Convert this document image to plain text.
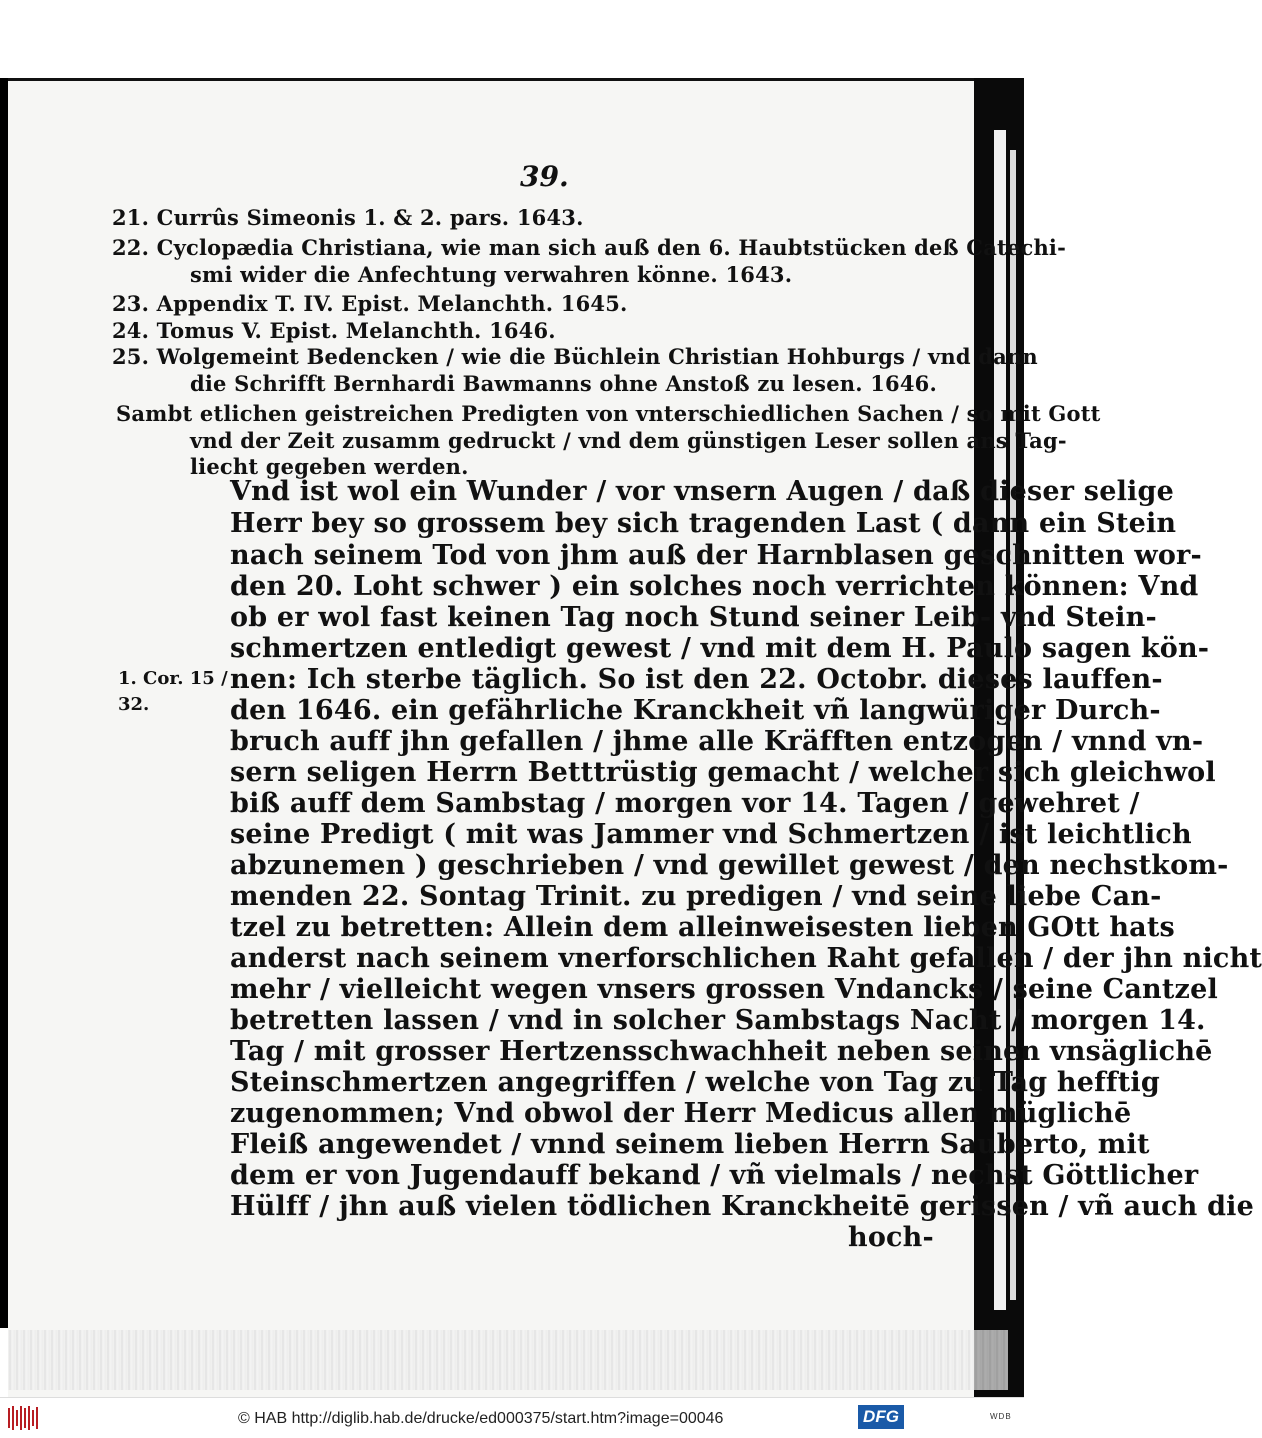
39.
21. Currûs Simeonis 1. & 2. pars. 1643.
22. Cyclopædia Christiana, wie man sich auß den 6. Haubtstücken deß Catechi-
smi wider die Anfechtung verwahren könne. 1643.
23. Appendix T. IV. Epist. Melanchth. 1645.
24. Tomus V. Epist. Melanchth. 1646.
25. Wolgemeint Bedencken / wie die Büchlein Christian Hohburgs / vnd dann
die Schrifft Bernhardi Bawmanns ohne Anstoß zu lesen. 1646.
Sambt etlichen geistreichen Predigten von vnterschiedlichen Sachen / so mit Gott
vnd der Zeit zusamm gedruckt / vnd dem günstigen Leser sollen ans Tag-
liecht gegeben werden.
Vnd ist wol ein Wunder / vor vnsern Augen / daß dieser selige
Herr bey so grossem bey sich tragenden Last ( dann ein Stein
nach seinem Tod von jhm auß der Harnblasen geschnitten wor-
den 20. Loht schwer ) ein solches noch verrichten können: Vnd
ob er wol fast keinen Tag noch Stund seiner Leib- vnd Stein-
schmertzen entledigt gewest / vnd mit dem H. Paulo sagen kön-
nen: Ich sterbe täglich. So ist den 22. Octobr. dieses lauffen-
den 1646. ein gefährliche Kranckheit vñ langwüriger Durch-
bruch auff jhn gefallen / jhme alle Kräfften entzogen / vnnd vn-
sern seligen Herrn Betttrüstig gemacht / welcher sich gleichwol
biß auff dem Sambstag / morgen vor 14. Tagen / gewehret /
seine Predigt ( mit was Jammer vnd Schmertzen / ist leichtlich
abzunemen ) geschrieben / vnd gewillet gewest / den nechstkom-
menden 22. Sontag Trinit. zu predigen / vnd seine liebe Can-
tzel zu betretten: Allein dem alleinweisesten lieben GOtt hats
anderst nach seinem vnerforschlichen Raht gefallen / der jhn nicht
mehr / vielleicht wegen vnsers grossen Vndancks / seine Cantzel
betretten lassen / vnd in solcher Sambstags Nacht / morgen 14.
Tag / mit grosser Hertzensschwachheit neben seinen vnsäglichē
Steinschmertzen angegriffen / welche von Tag zu Tag hefftig
zugenommen; Vnd obwol der Herr Medicus allen müglichē
Fleiß angewendet / vnnd seinem lieben Herrn Sauberto, mit
dem er von Jugendauff bekand / vñ vielmals / nechst Göttlicher
Hülff / jhn auß vielen tödlichen Kranckheitē gerissen / vñ auch die
hoch-
1. Cor. 15 /
32.
© HAB http://diglib.hab.de/drucke/ed000375/start.htm?image=00046	DFG	WDB
